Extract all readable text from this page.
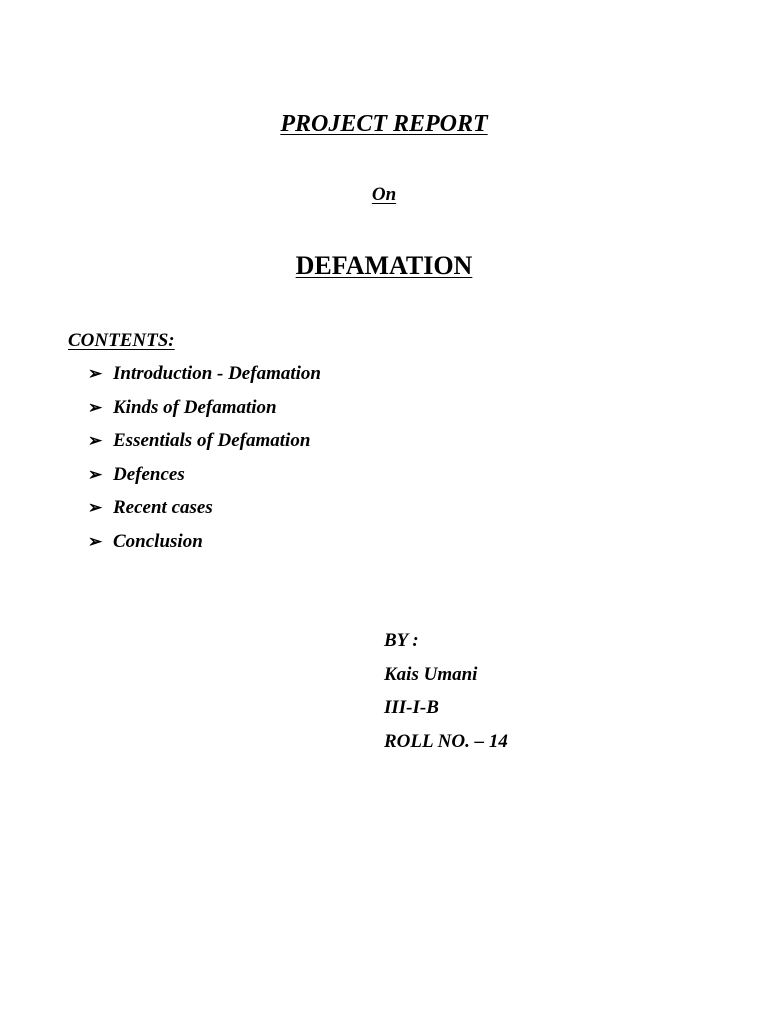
PROJECT REPORT
On
DEFAMATION
CONTENTS:
➢ Introduction - Defamation
➢ Kinds of Defamation
➢ Essentials of Defamation
➢ Defences
➢ Recent cases
➢ Conclusion
BY :
Kais Umani
III-I-B
ROLL NO. – 14
